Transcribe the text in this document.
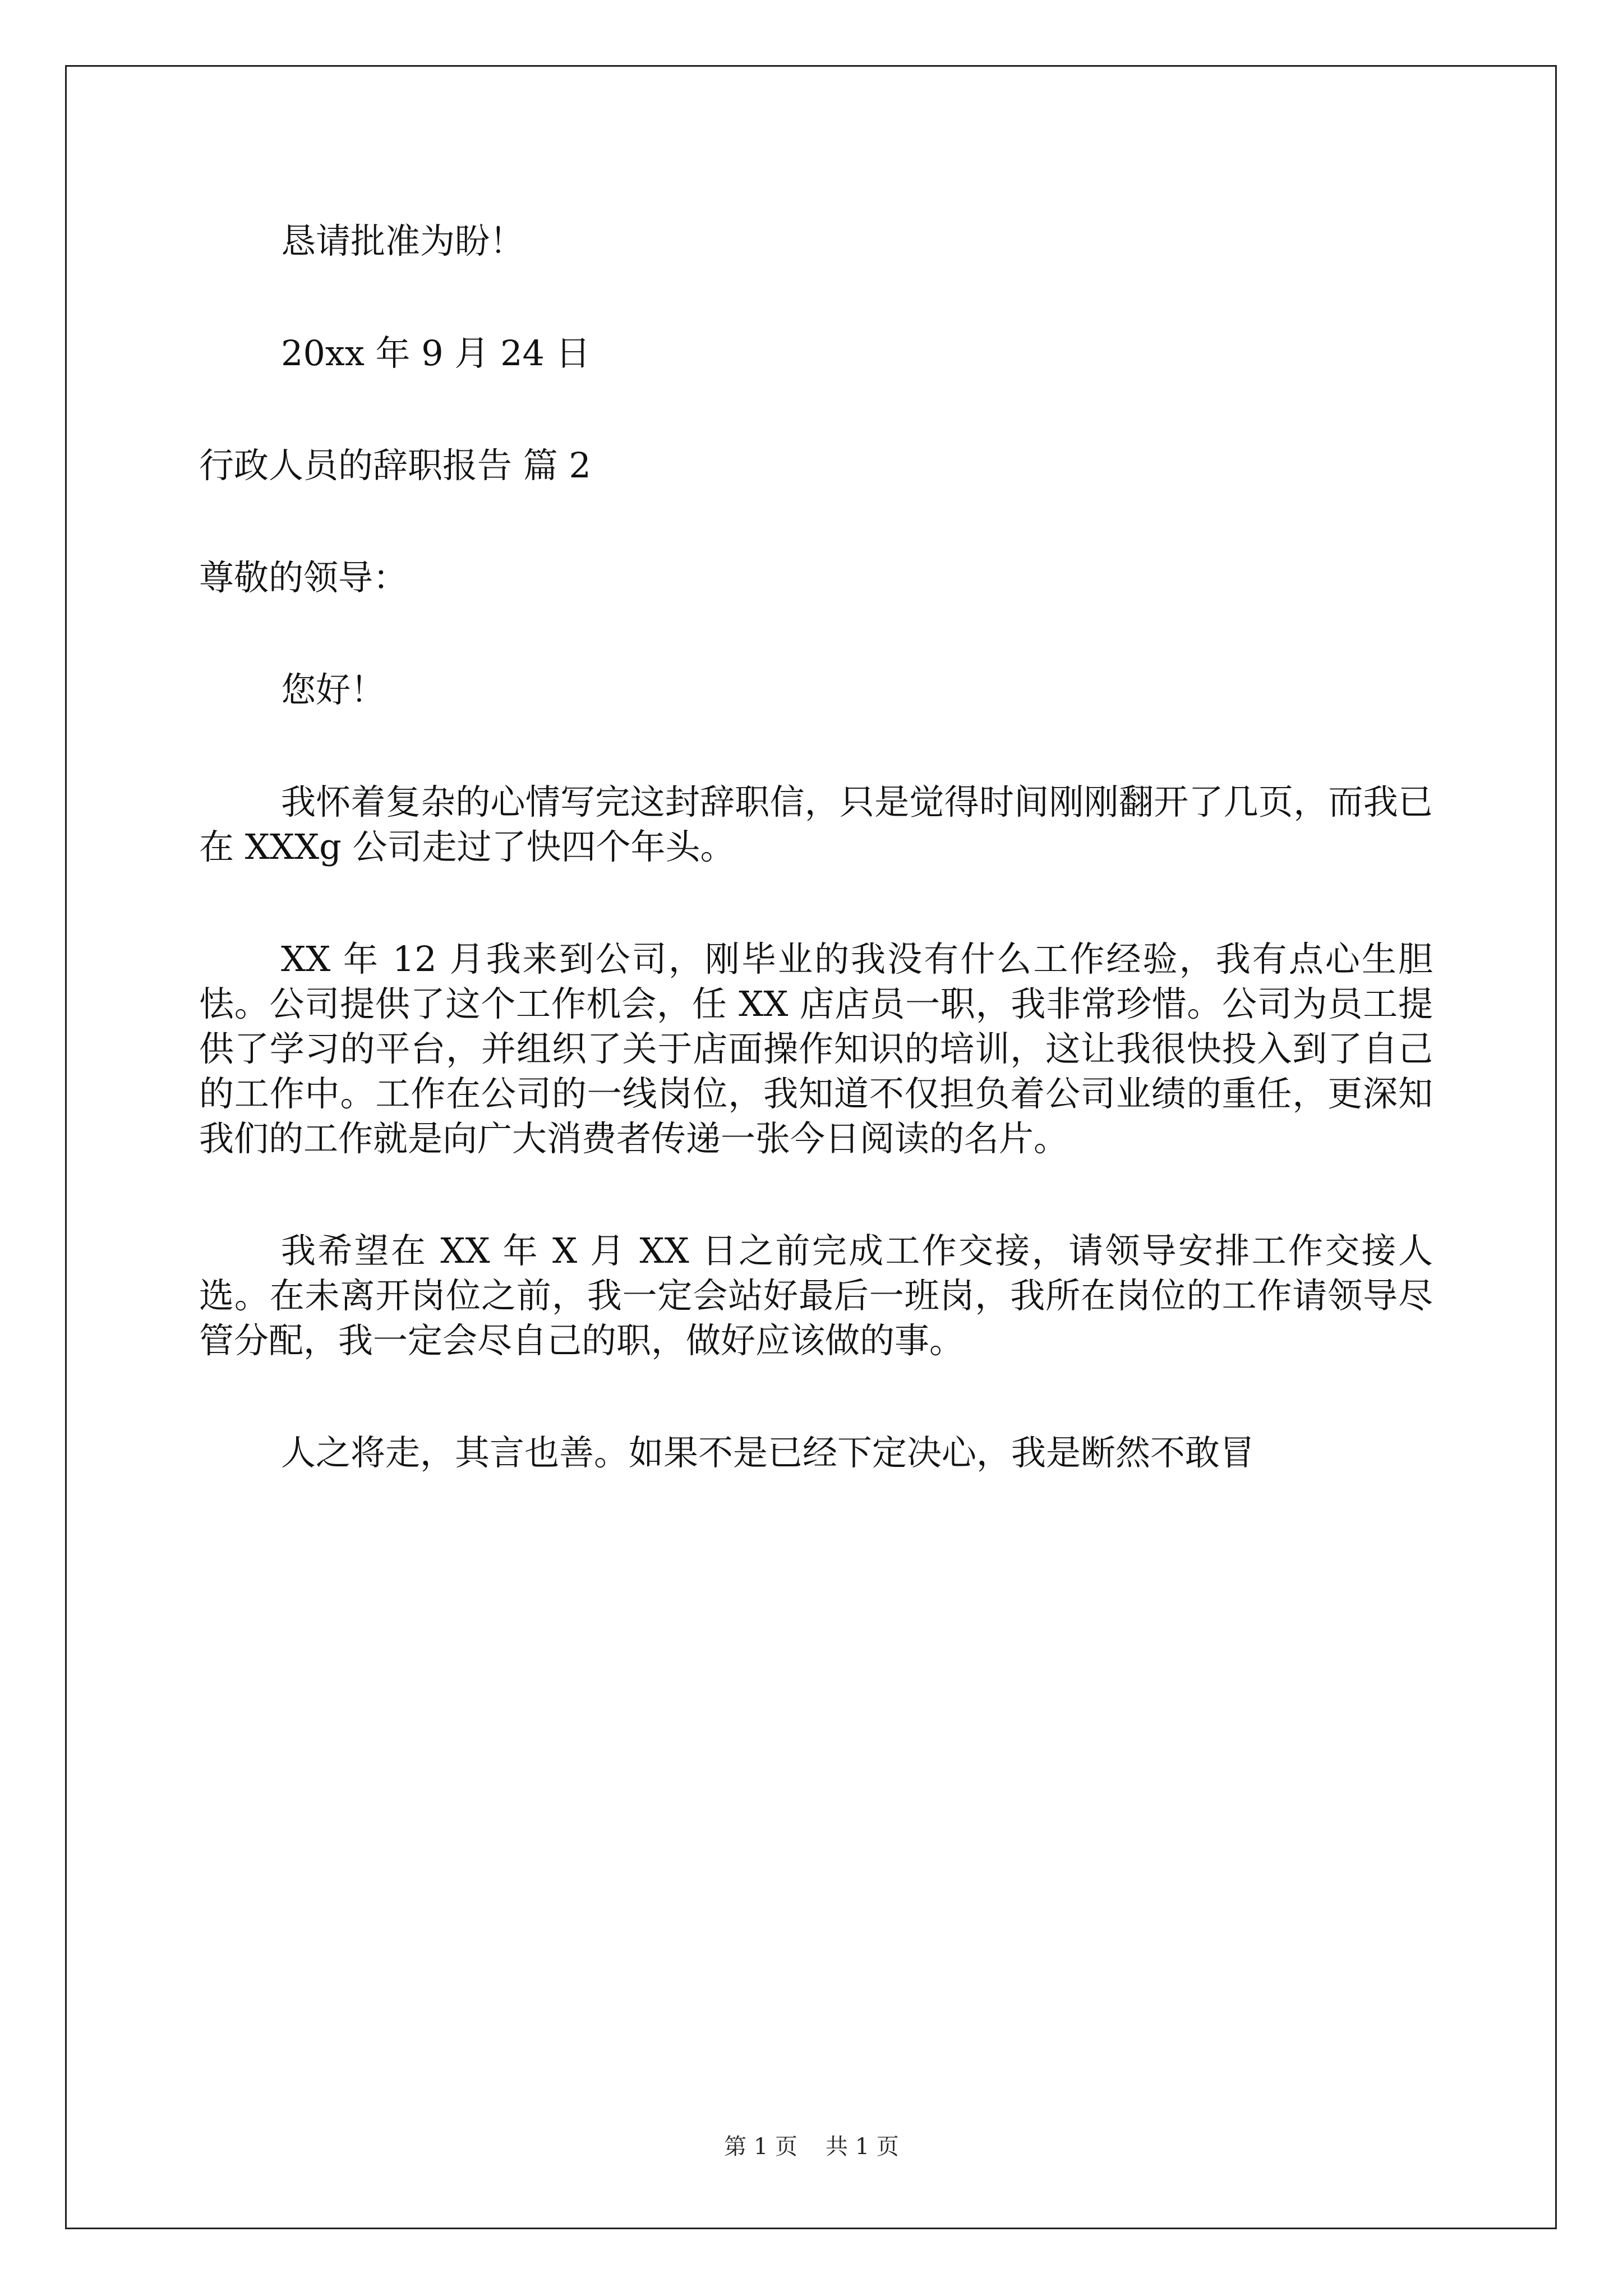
恳请批准为盼！

20xx 年 9 月 24 日

行政人员的辞职报告 篇 2

尊敬的领导：

您好！

我怀着复杂的心情写完这封辞职信，只是觉得时间刚刚翻开了几页，而我已在 XXXg 公司走过了快四个年头。

XX 年 12 月我来到公司，刚毕业的我没有什么工作经验，我有点心生胆怯。公司提供了这个工作机会，任 XX 店店员一职，我非常珍惜。公司为员工提供了学习的平台，并组织了关于店面操作知识的培训，这让我很快投入到了自己的工作中。工作在公司的一线岗位，我知道不仅担负着公司业绩的重任，更深知我们的工作就是向广大消费者传递一张今日阅读的名片。

我希望在 XX 年 X 月 XX 日之前完成工作交接，请领导安排工作交接人选。在未离开岗位之前，我一定会站好最后一班岗，我所在岗位的工作请领导尽管分配，我一定会尽自己的职，做好应该做的事。

人之将走，其言也善。如果不是已经下定决心，我是断然不敢冒

第 1 页 共 1 页
